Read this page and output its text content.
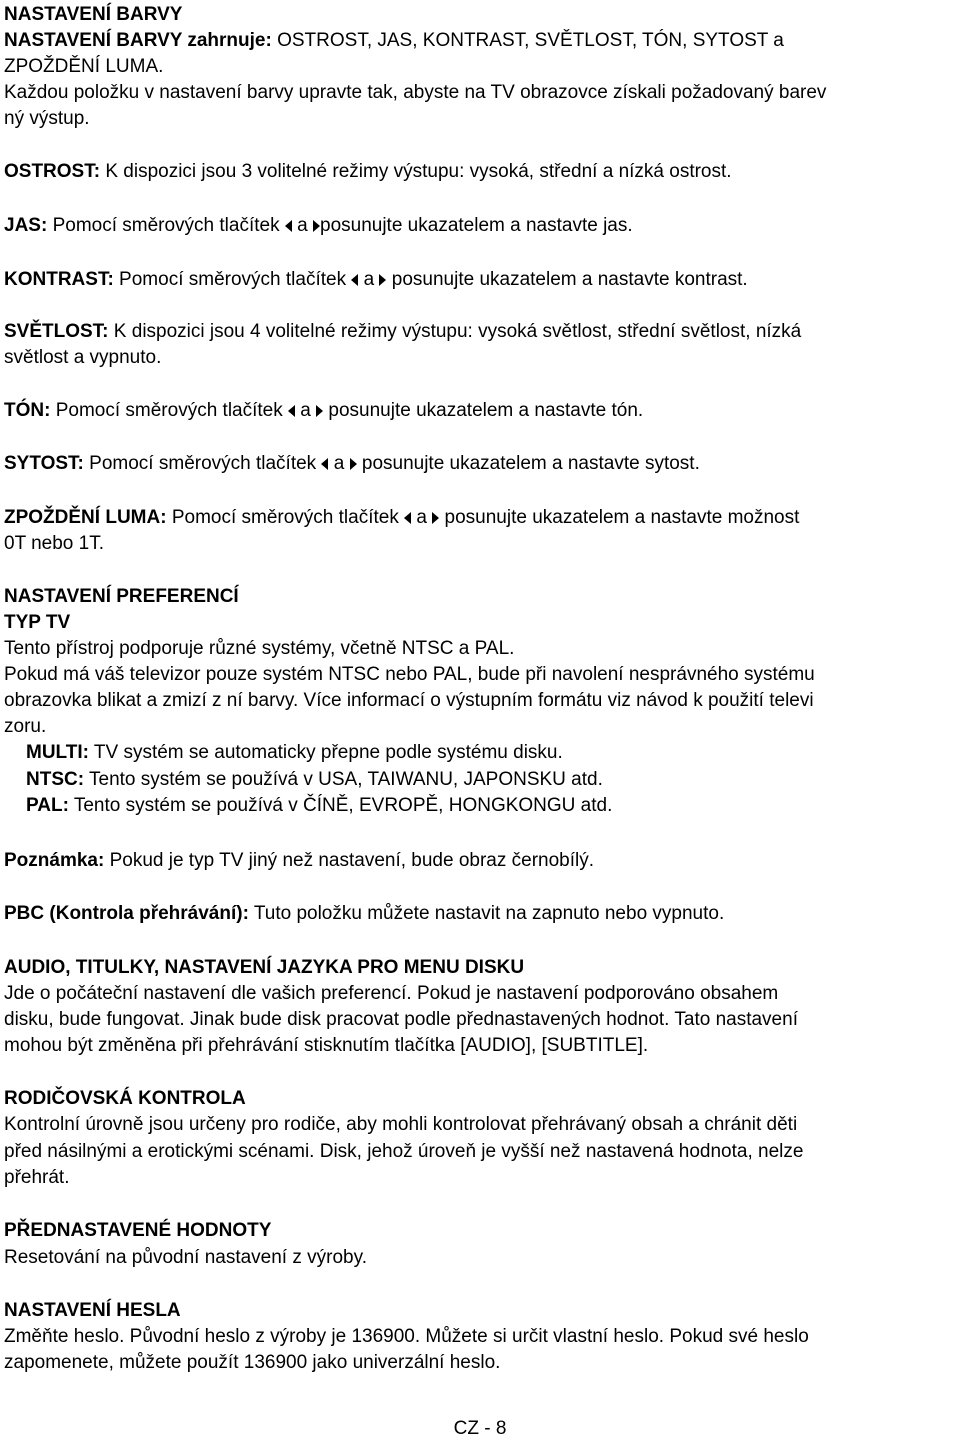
NASTAVENÍ BARVY
NASTAVENÍ BARVY zahrnuje: OSTROST, JAS, KONTRAST, SVĚTLOST, TÓN, SYTOST a
ZPOŽDĚNÍ LUMA.
Každou položku v nastavení barvy upravte tak, abyste na TV obrazovce získali požadovaný barev
ný výstup.
OSTROST: K dispozici jsou 3 volitelné režimy výstupu: vysoká, střední a nízká ostrost.
JAS: Pomocí směrových tlačítek  a posunujte ukazatelem a nastavte jas.
KONTRAST: Pomocí směrových tlačítek  a  posunujte ukazatelem a nastavte kontrast.
SVĚTLOST: K dispozici jsou 4 volitelné režimy výstupu: vysoká světlost, střední světlost, nízká
světlost a vypnuto.
TÓN: Pomocí směrových tlačítek  a  posunujte ukazatelem a nastavte tón.
SYTOST: Pomocí směrových tlačítek  a  posunujte ukazatelem a nastavte sytost.
ZPOŽDĚNÍ LUMA: Pomocí směrových tlačítek  a  posunujte ukazatelem a nastavte možnost
0T nebo 1T.
NASTAVENÍ PREFERENCÍ
TYP TV
Tento přístroj podporuje různé systémy, včetně NTSC a PAL.
Pokud má váš televizor pouze systém NTSC nebo PAL, bude při navolení nesprávného systému
obrazovka blikat a zmizí z ní barvy. Více informací o výstupním formátu viz návod k použití televi
zoru.
MULTI: TV systém se automaticky přepne podle systému disku.
NTSC: Tento systém se používá v USA, TAIWANU, JAPONSKU atd.
PAL: Tento systém se používá v ČÍNĚ, EVROPĚ, HONGKONGU atd.
Poznámka: Pokud je typ TV jiný než nastavení, bude obraz černobílý.
PBC (Kontrola přehrávání): Tuto položku můžete nastavit na zapnuto nebo vypnuto.
AUDIO, TITULKY, NASTAVENÍ JAZYKA PRO MENU DISKU
Jde o počáteční nastavení dle vašich preferencí. Pokud je nastavení podporováno obsahem
disku, bude fungovat. Jinak bude disk pracovat podle přednastavených hodnot. Tato nastavení
mohou být změněna při přehrávání stisknutím tlačítka [AUDIO], [SUBTITLE].
RODIČOVSKÁ KONTROLA
Kontrolní úrovně jsou určeny pro rodiče, aby mohli kontrolovat přehrávaný obsah a chránit děti
před násilnými a erotickými scénami. Disk, jehož úroveň je vyšší než nastavená hodnota, nelze
přehrát.
PŘEDNASTAVENÉ HODNOTY
Resetování na původní nastavení z výroby.
NASTAVENÍ HESLA
Změňte heslo. Původní heslo z výroby je 136900. Můžete si určit vlastní heslo. Pokud své heslo
zapomenete, můžete použít 136900 jako univerzální heslo.
CZ - 8
